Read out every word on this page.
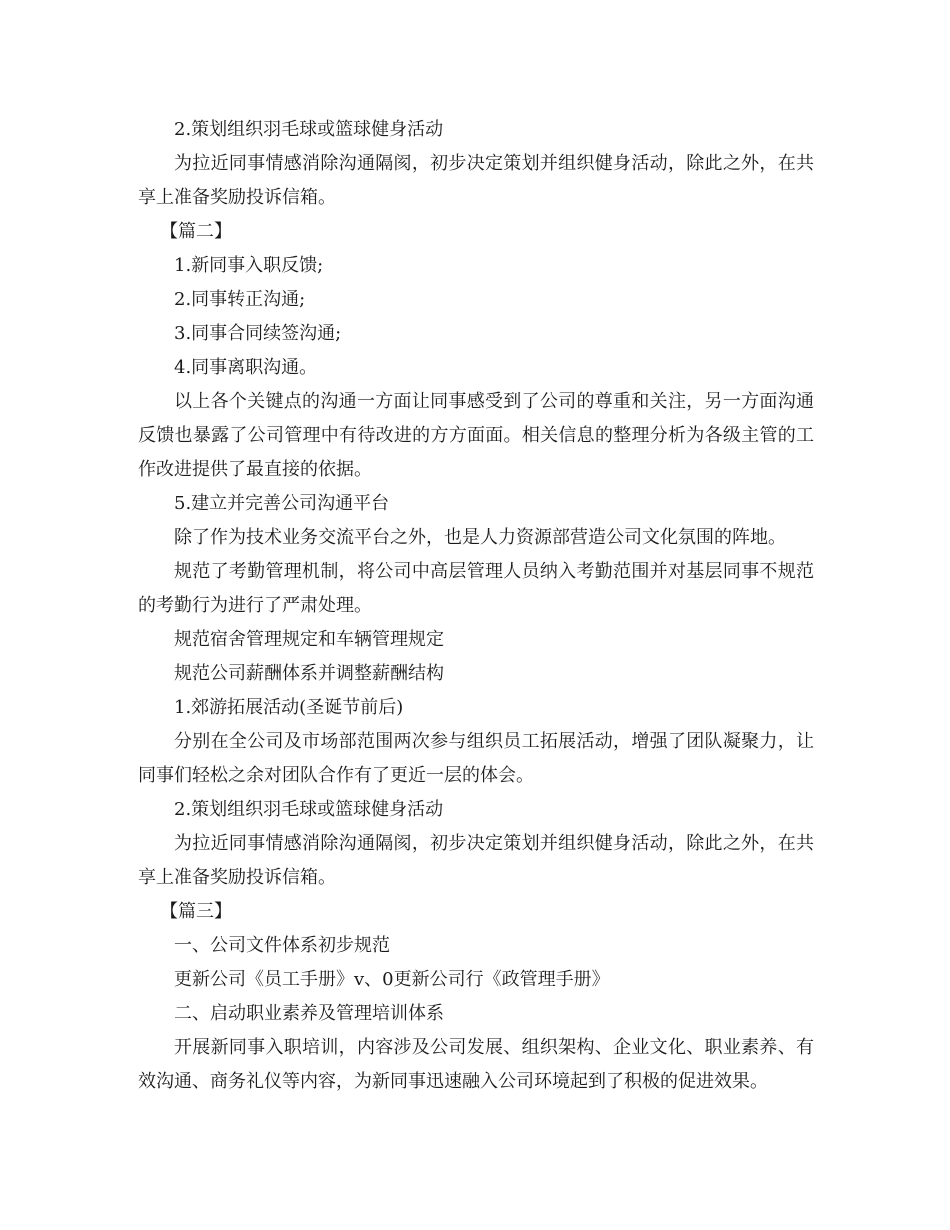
2.策划组织羽毛球或篮球健身活动

为拉近同事情感消除沟通隔阂，初步决定策划并组织健身活动，除此之外，在共享上准备奖励投诉信箱。

【篇二】

1.新同事入职反馈;

2.同事转正沟通;

3.同事合同续签沟通;

4.同事离职沟通。

以上各个关键点的沟通一方面让同事感受到了公司的尊重和关注，另一方面沟通反馈也暴露了公司管理中有待改进的方方面面。相关信息的整理分析为各级主管的工作改进提供了最直接的依据。

5.建立并完善公司沟通平台

除了作为技术业务交流平台之外，也是人力资源部营造公司文化氛围的阵地。

规范了考勤管理机制，将公司中高层管理人员纳入考勤范围并对基层同事不规范的考勤行为进行了严肃处理。

规范宿舍管理规定和车辆管理规定

规范公司薪酬体系并调整薪酬结构

1.郊游拓展活动(圣诞节前后)

分别在全公司及市场部范围两次参与组织员工拓展活动，增强了团队凝聚力，让同事们轻松之余对团队合作有了更近一层的体会。

2.策划组织羽毛球或篮球健身活动

为拉近同事情感消除沟通隔阂，初步决定策划并组织健身活动，除此之外，在共享上准备奖励投诉信箱。

【篇三】

一、公司文件体系初步规范

更新公司《员工手册》v、0更新公司行《政管理手册》

二、启动职业素养及管理培训体系

开展新同事入职培训，内容涉及公司发展、组织架构、企业文化、职业素养、有效沟通、商务礼仪等内容，为新同事迅速融入公司环境起到了积极的促进效果。
